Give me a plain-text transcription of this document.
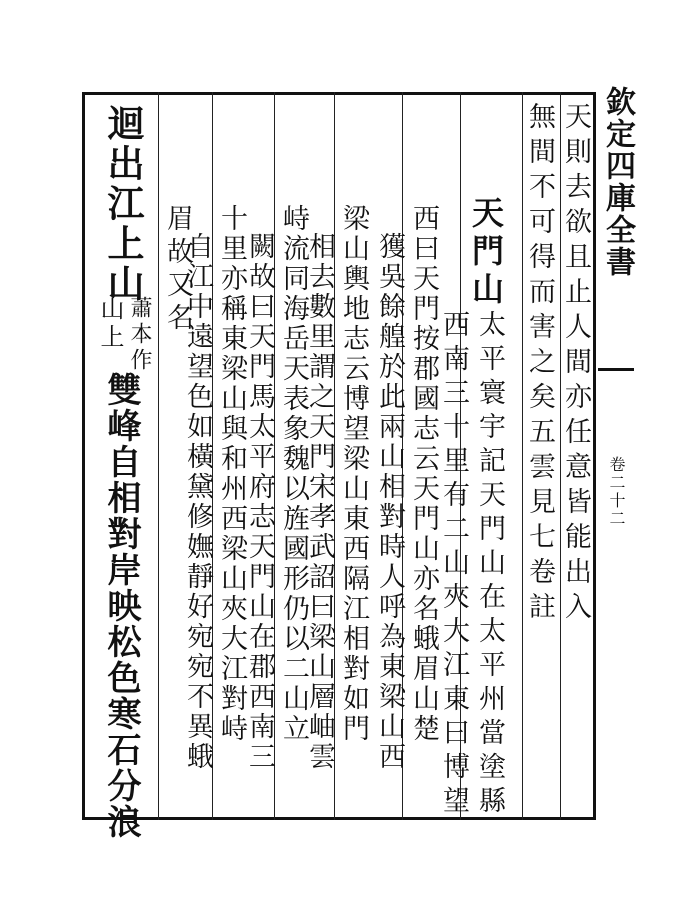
欽定四庫全書
卷二十二
天則去欲且止人間亦任意皆能出入
無間不可得而害之矣五雲見七卷註
天門山
太平寰宇記天門山在太平州當塗縣
西南三十里有二山夾大江東曰博望
西曰天門按郡國志云天門山亦名蛾眉山楚
獲吳餘艎於此兩山相對時人呼為東梁山西
梁山輿地志云博望梁山東西隔江相對如門
相去數里謂之天門宋孝武詔曰梁山層岫雲
峙流同海岳天表象魏以旌國形仍以二山立
闕故曰天門馬太平府志天門山在郡西南三
十里亦稱東梁山與和州西梁山夾大江對峙
自江中遠望色如橫黛修嫵靜好宛宛不異蛾
眉故又名
迴出江上山
蕭本作
山上
雙峰自相對岸映松色寒石分浪
